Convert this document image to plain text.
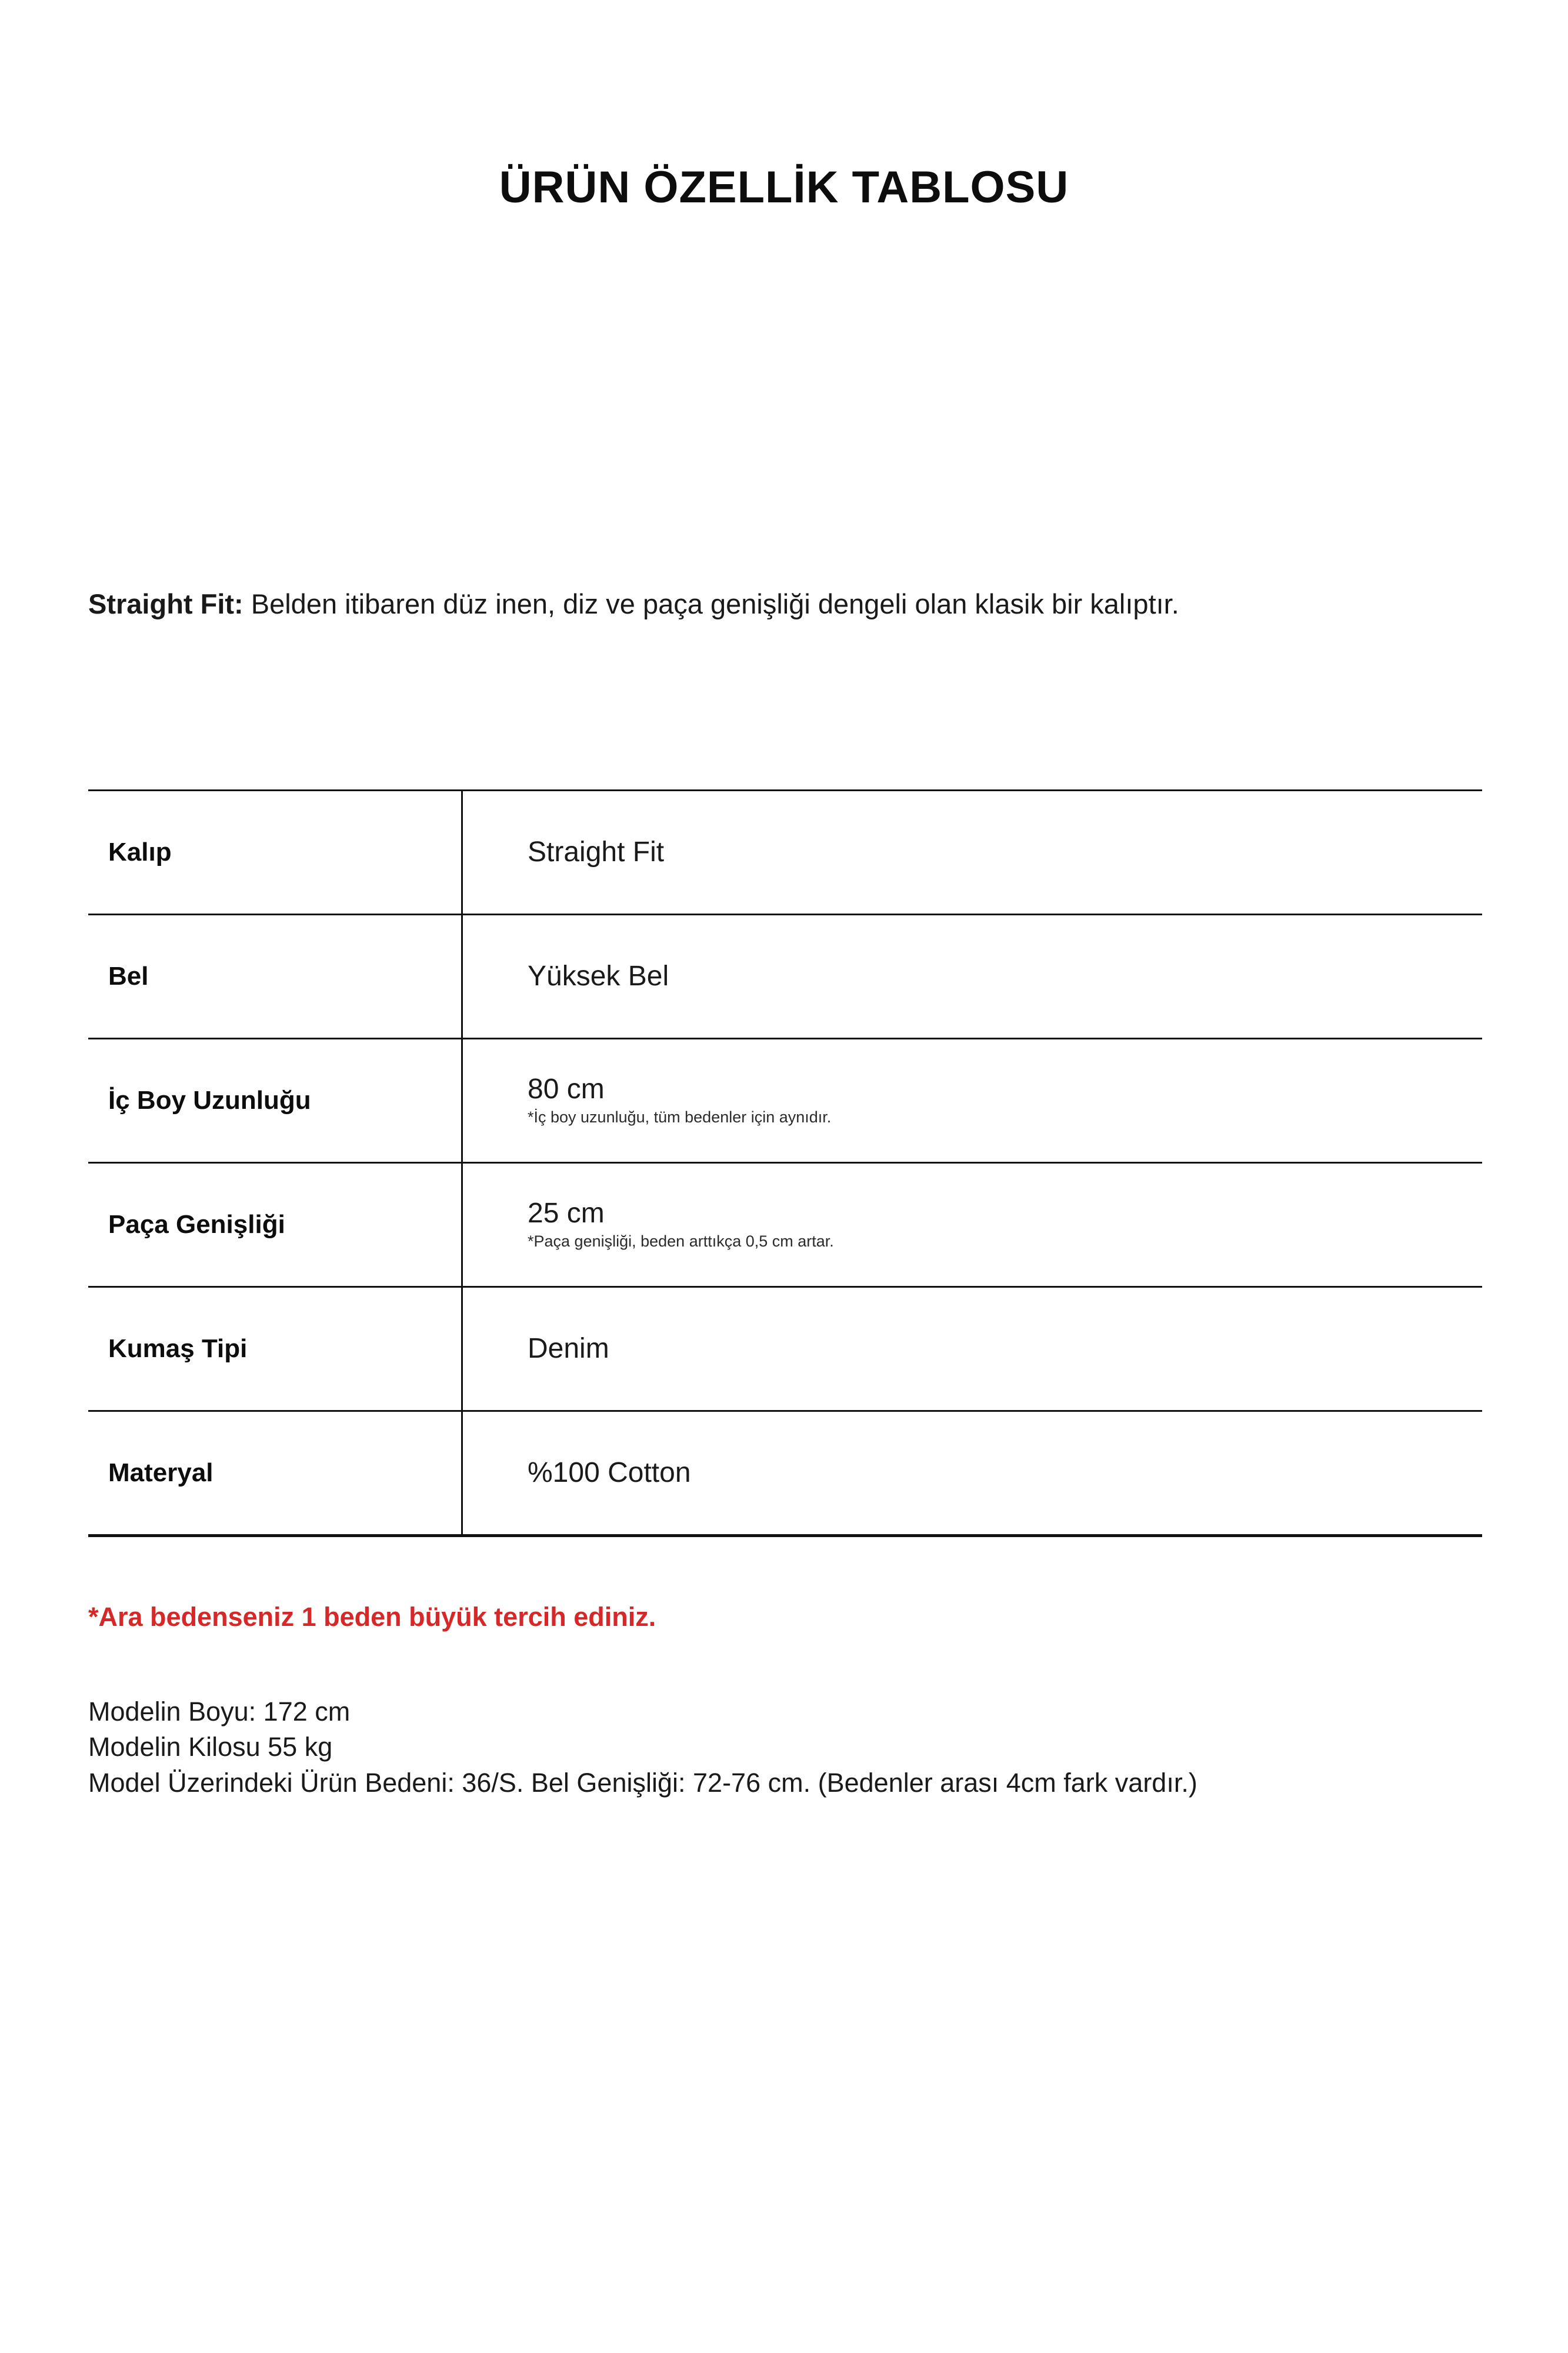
ÜRÜN ÖZELLİK TABLOSU

Straight Fit: Belden itibaren düz inen, diz ve paça genişliği dengeli olan klasik bir kalıptır.

Kalıp	Straight Fit

Bel	Yüksek Bel

İç Boy Uzunluğu	80 cm
*İç boy uzunluğu, tüm bedenler için aynıdır.

Paça Genişliği	25 cm
*Paça genişliği, beden arttıkça 0,5 cm artar.

Kumaş Tipi	Denim

Materyal	%100 Cotton

*Ara bedenseniz 1 beden büyük tercih ediniz.

Modelin Boyu: 172 cm
Modelin Kilosu 55 kg
Model Üzerindeki Ürün Bedeni: 36/S. Bel Genişliği: 72-76 cm. (Bedenler arası 4cm fark vardır.)
